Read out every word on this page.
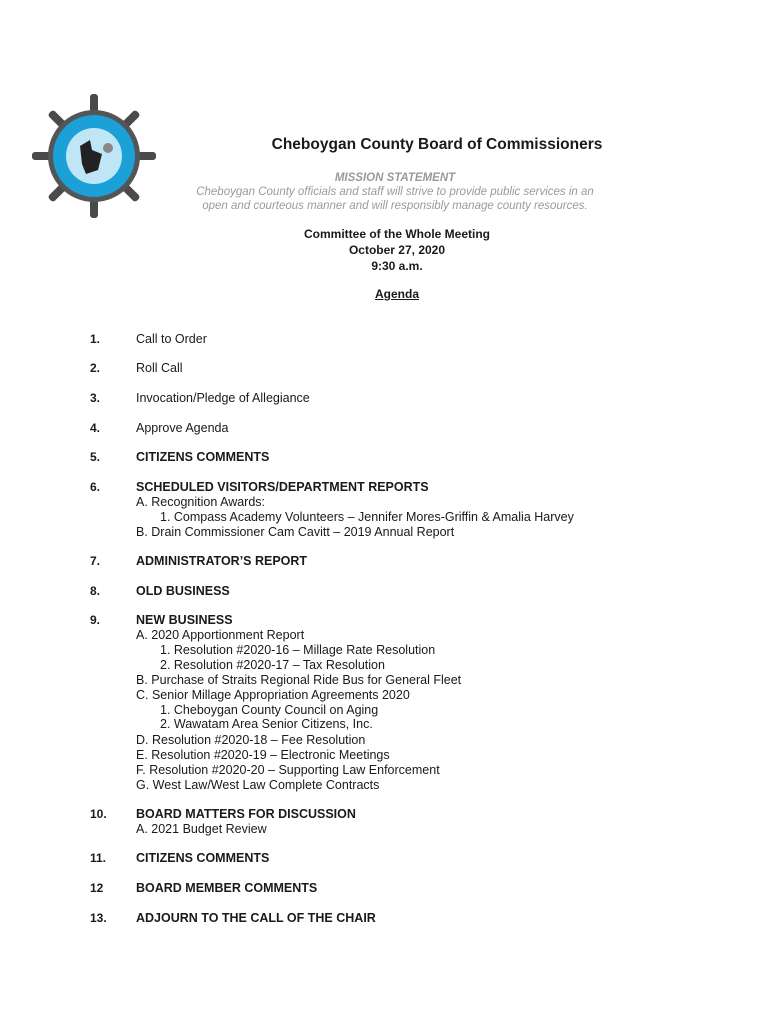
Cheboygan County Board of Commissioners
MISSION STATEMENT
Cheboygan County officials and staff will strive to provide public services in an
open and courteous manner and will responsibly manage county resources.
Committee of the Whole Meeting
October 27, 2020
9:30 a.m.
Agenda
1.	Call to Order
2.	Roll Call
3.	Invocation/Pledge of Allegiance
4.	Approve Agenda
5.	CITIZENS COMMENTS
6.	SCHEDULED VISITORS/DEPARTMENT REPORTS
A. Recognition Awards:
1. Compass Academy Volunteers – Jennifer Mores-Griffin & Amalia Harvey
B. Drain Commissioner Cam Cavitt – 2019 Annual Report
7.	ADMINISTRATOR’S REPORT
8.	OLD BUSINESS
9.	NEW BUSINESS
A. 2020 Apportionment Report
1. Resolution #2020-16 – Millage Rate Resolution
2. Resolution #2020-17 – Tax Resolution
B. Purchase of Straits Regional Ride Bus for General Fleet
C. Senior Millage Appropriation Agreements 2020
1. Cheboygan County Council on Aging
2. Wawatam Area Senior Citizens, Inc.
D. Resolution #2020-18 – Fee Resolution
E. Resolution #2020-19 – Electronic Meetings
F. Resolution #2020-20 – Supporting Law Enforcement
G. West Law/West Law Complete Contracts
10. BOARD MATTERS FOR DISCUSSION
A. 2021 Budget Review
11. CITIZENS COMMENTS
12	BOARD MEMBER COMMENTS
13. ADJOURN TO THE CALL OF THE CHAIR
